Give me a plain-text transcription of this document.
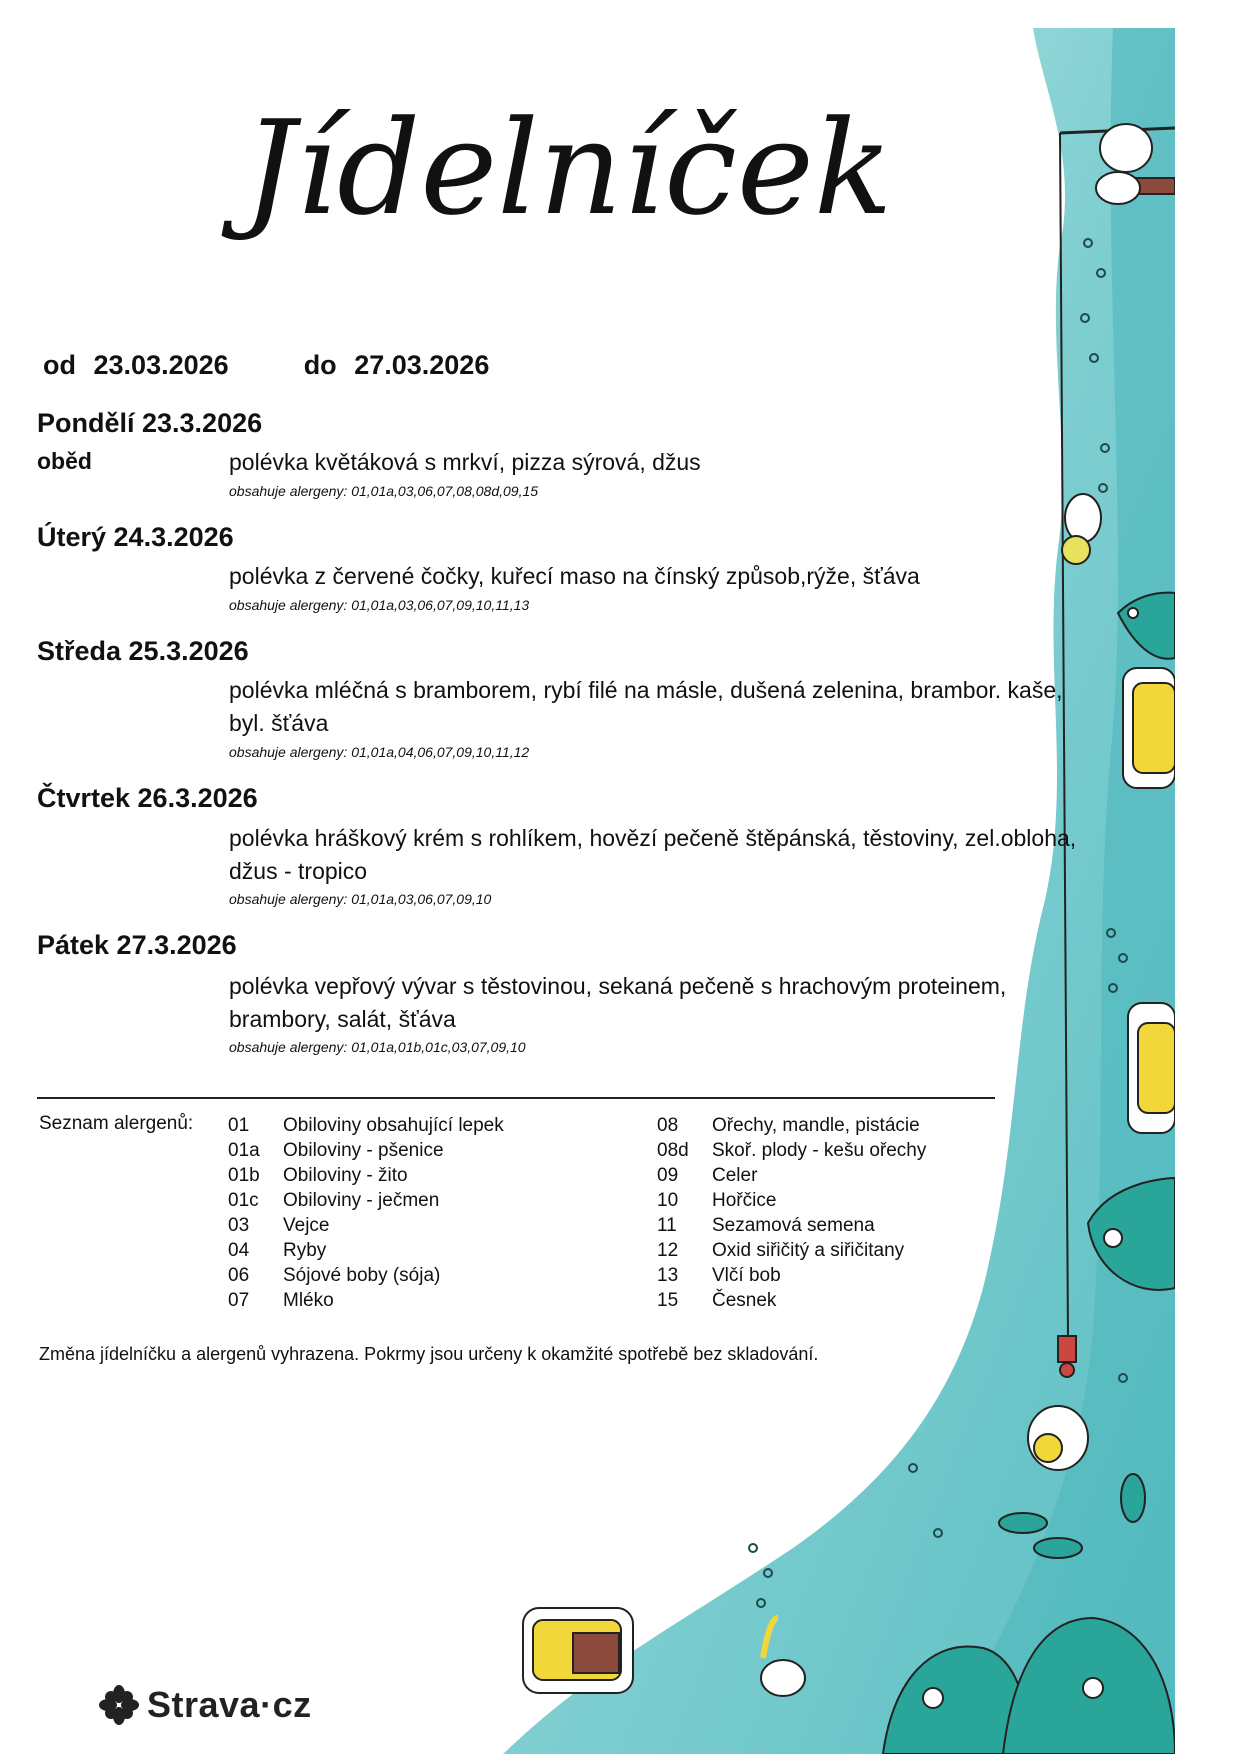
Jídelníček
od 23.03.2026	do 27.03.2026
Pondělí 23.3.2026
oběd	polévka květáková s mrkví, pizza sýrová, džus
obsahuje alergeny: 01,01a,03,06,07,08,08d,09,15
Úterý 24.3.2026
polévka z červené čočky, kuřecí maso na čínský způsob,rýže, šťáva
obsahuje alergeny: 01,01a,03,06,07,09,10,11,13
Středa 25.3.2026
polévka mléčná s bramborem, rybí filé na másle, dušená zelenina, brambor. kaše,
byl. šťáva
obsahuje alergeny: 01,01a,04,06,07,09,10,11,12
Čtvrtek 26.3.2026
polévka hráškový krém s rohlíkem, hovězí pečeně štěpánská, těstoviny, zel.obloha,
džus - tropico
obsahuje alergeny: 01,01a,03,06,07,09,10
Pátek 27.3.2026
polévka vepřový vývar s těstovinou, sekaná pečeně s hrachovým proteinem,
brambory, salát, šťáva
obsahuje alergeny: 01,01a,01b,01c,03,07,09,10
Seznam alergenů: 01	Obiloviny obsahující lepek
01a	Obiloviny - pšenice
01b	Obiloviny - žito
01c	Obiloviny - ječmen
03	Vejce
04	Ryby
06	Sójové boby (sója)
07	Mléko
08	Ořechy, mandle, pistácie
08d	Skoř. plody - kešu ořechy
09	Celer
10	Hořčice
11	Sezamová semena
12	Oxid siřičitý a siřičitany
13	Vlčí bob
15	Česnek
Změna jídelníčku a alergenů vyhrazena. Pokrmy jsou určeny k okamžité spotřebě bez skladování.
Strava·cz
